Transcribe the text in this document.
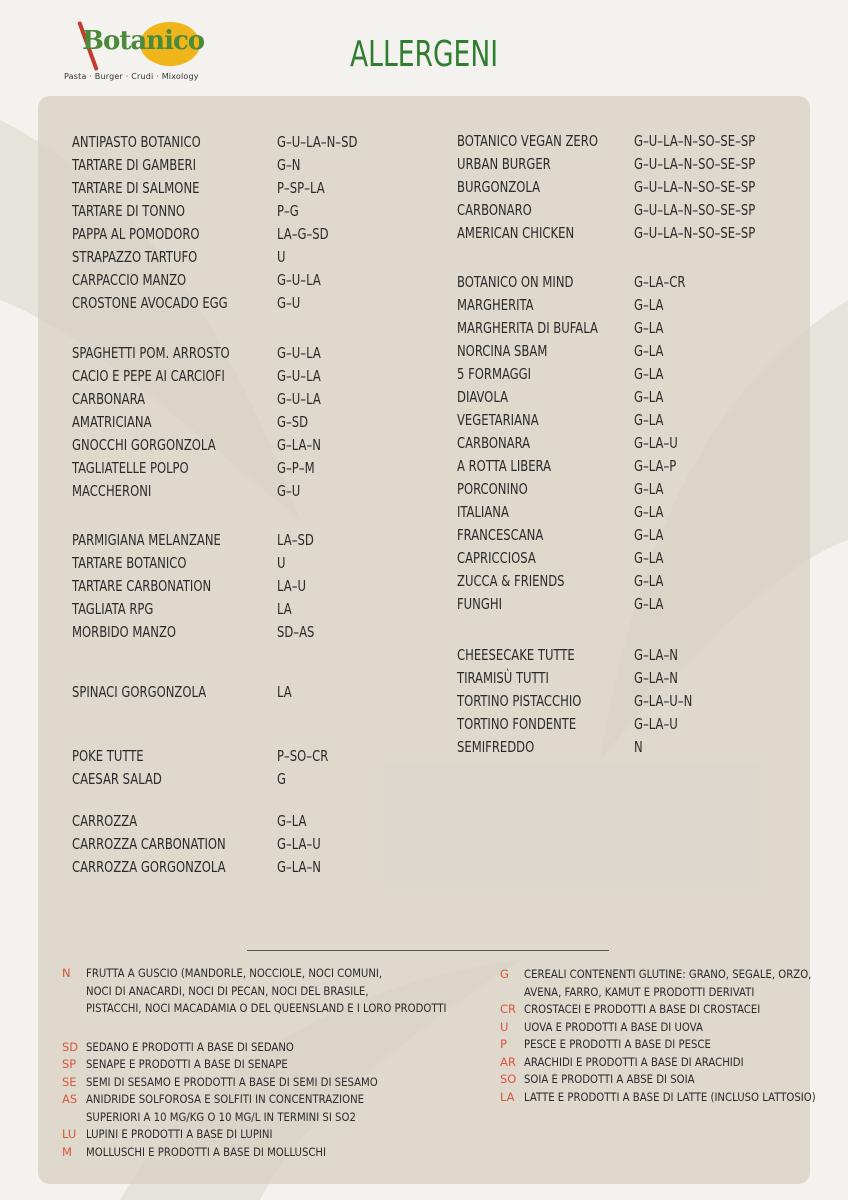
Botanico
Pasta · Burger · Crudi · Mixology
ALLERGENI
ANTIPASTO BOTANICO	G–U–LA–N–SD
TARTARE DI GAMBERI	G–N
TARTARE DI SALMONE	P–SP–LA
TARTARE DI TONNO	P–G
PAPPA AL POMODORO	LA–G–SD
STRAPAZZO TARTUFO	U
CARPACCIO MANZO	G–U–LA
CROSTONE AVOCADO EGG	G–U
SPAGHETTI POM. ARROSTO	G–U–LA
CACIO E PEPE AI CARCIOFI	G–U–LA
CARBONARA	G–U–LA
AMATRICIANA	G–SD
GNOCCHI GORGONZOLA	G–LA–N
TAGLIATELLE POLPO	G–P–M
MACCHERONI	G–U
PARMIGIANA MELANZANE	LA–SD
TARTARE BOTANICO	U
TARTARE CARBONATION	LA–U
TAGLIATA RPG	LA
MORBIDO MANZO	SD–AS
SPINACI GORGONZOLA	LA
POKE TUTTE	P–SO–CR
CAESAR SALAD	G
CARROZZA	G–LA
CARROZZA CARBONATION	G–LA–U
CARROZZA GORGONZOLA	G–LA–N
BOTANICO VEGAN ZERO G–U–LA–N–SO–SE–SP
URBAN BURGER	G–U–LA–N–SO–SE–SP
BURGONZOLA	G–U–LA–N–SO–SE–SP
CARBONARO	G–U–LA–N–SO–SE–SP
AMERICAN CHICKEN	G–U–LA–N–SO–SE–SP
BOTANICO ON MIND	G–LA–CR
MARGHERITA	G–LA
MARGHERITA DI BUFALA G–LA
NORCINA SBAM	G–LA
5 FORMAGGI	G–LA
DIAVOLA	G–LA
VEGETARIANA	G–LA
CARBONARA	G–LA–U
A ROTTA LIBERA	G–LA–P
PORCONINO	G–LA
ITALIANA	G–LA
FRANCESCANA	G–LA
CAPRICCIOSA	G–LA
ZUCCA & FRIENDS	G–LA
FUNGHI	G–LA
CHEESECAKE TUTTE	G–LA–N
TIRAMISÙ TUTTI	G–LA–N
TORTINO PISTACCHIO	G–LA–U–N
TORTINO FONDENTE	G–LA–U
SEMIFREDDO	N
N FRUTTA A GUSCIO (MANDORLE, NOCCIOLE, NOCI COMUNI,
NOCI DI ANACARDI, NOCI DI PECAN, NOCI DEL BRASILE,
PISTACCHI, NOCI MACADAMIA O DEL QUEENSLAND E I LORO PRODOTTI
SD SEDANO E PRODOTTI A BASE DI SEDANO
SP SENAPE E PRODOTTI A BASE DI SENAPE
SE SEMI DI SESAMO E PRODOTTI A BASE DI SEMI DI SESAMO
AS ANIDRIDE SOLFOROSA E SOLFITI IN CONCENTRAZIONE
SUPERIORI A 10 MG/KG O 10 MG/L IN TERMINI SI SO2
LU LUPINI E PRODOTTI A BASE DI LUPINI
M MOLLUSCHI E PRODOTTI A BASE DI MOLLUSCHI
G CEREALI CONTENENTI GLUTINE: GRANO, SEGALE, ORZO,
AVENA, FARRO, KAMUT E PRODOTTI DERIVATI
CR CROSTACEI E PRODOTTI A BASE DI CROSTACEI
U UOVA E PRODOTTI A BASE DI UOVA
P PESCE E PRODOTTI A BASE DI PESCE
AR ARACHIDI E PRODOTTI A BASE DI ARACHIDI
SO SOIA E PRODOTTI A ABSE DI SOIA
LA LATTE E PRODOTTI A BASE DI LATTE (INCLUSO LATTOSIO)
